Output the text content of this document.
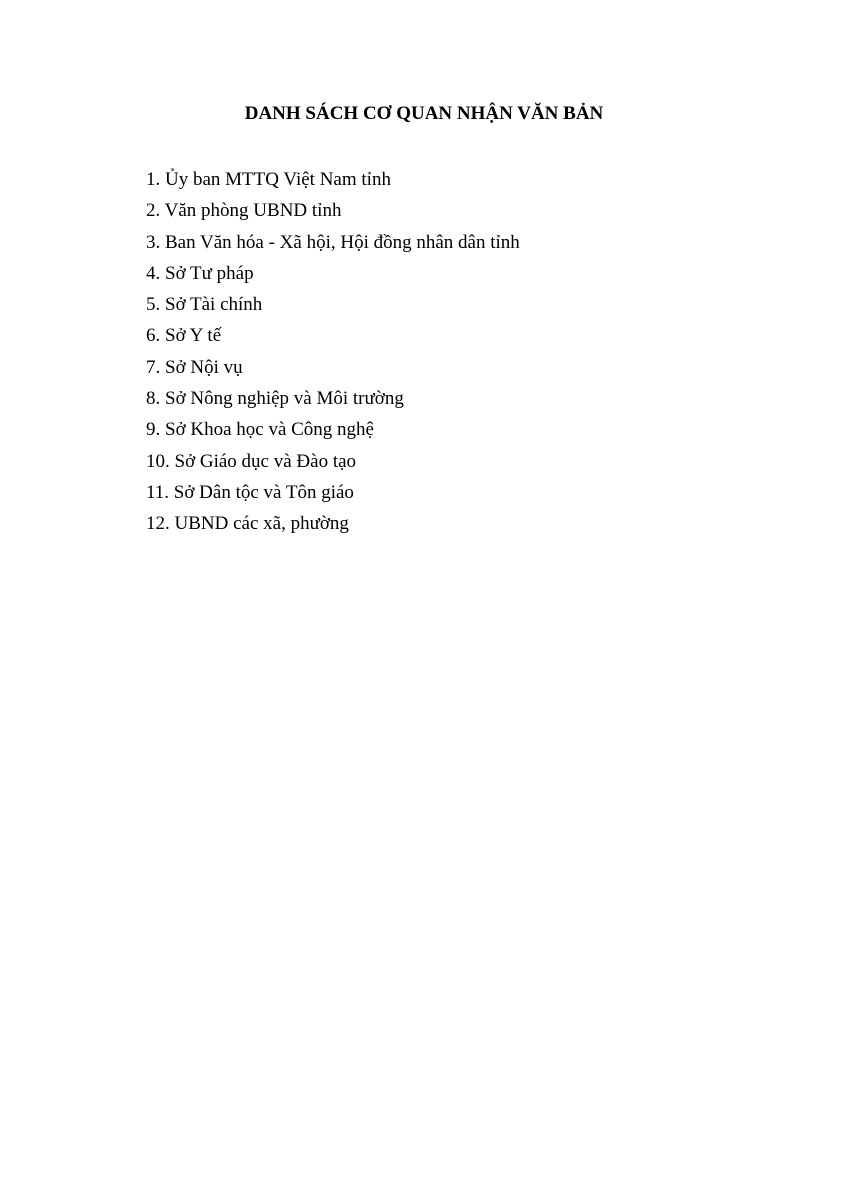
DANH SÁCH CƠ QUAN NHẬN VĂN BẢN
1. Ủy ban MTTQ Việt Nam tỉnh
2. Văn phòng UBND tỉnh
3. Ban Văn hóa - Xã hội, Hội đồng nhân dân tỉnh
4. Sở Tư pháp
5. Sở Tài chính
6. Sở Y tế
7. Sở Nội vụ
8. Sở Nông nghiệp và Môi trường
9. Sở Khoa học và Công nghệ
10. Sở Giáo dục và Đào tạo
11. Sở Dân tộc và Tôn giáo
12. UBND các xã, phường
